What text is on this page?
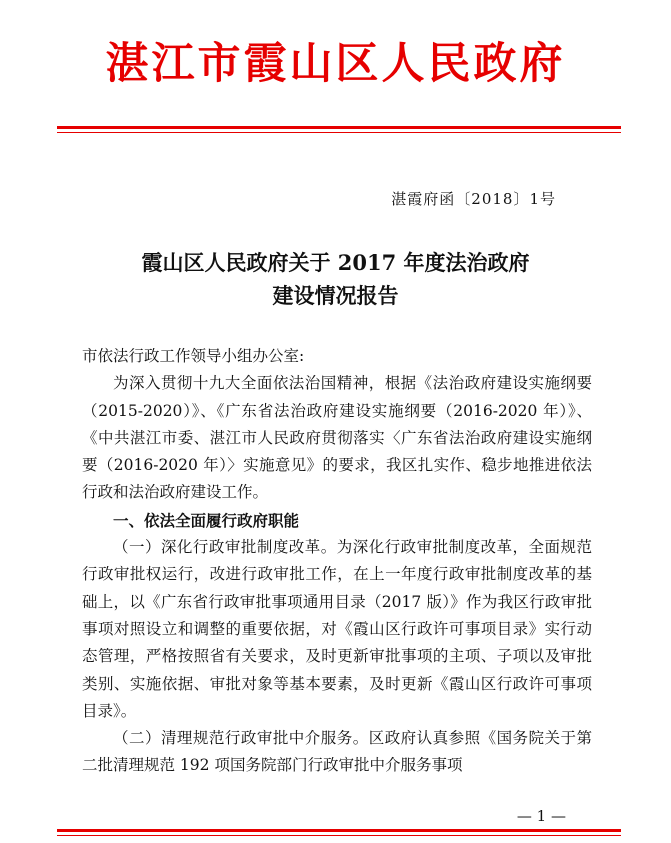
湛江市霞山区人民政府
湛霞府函〔2018〕1号
霞山区人民政府关于 2017 年度法治政府
建设情况报告

市依法行政工作领导小组办公室:

为深入贯彻十九大全面依法治国精神，根据《法治政府建设实施纲要（2015-2020）》、《广东省法治政府建设实施纲要（2016-2020 年）》、《中共湛江市委、湛江市人民政府贯彻落实〈广东省法治政府建设实施纲要（2016-2020 年）〉实施意见》的要求，我区扎实作、稳步地推进依法行政和法治政府建设工作。

一、依法全面履行政府职能

（一）深化行政审批制度改革。为深化行政审批制度改革，全面规范行政审批权运行，改进行政审批工作，在上一年度行政审批制度改革的基础上，以《广东省行政审批事项通用目录（2017 版）》作为我区行政审批事项对照设立和调整的重要依据，对《霞山区行政许可事项目录》实行动态管理，严格按照省有关要求，及时更新审批事项的主项、子项以及审批类别、实施依据、审批对象等基本要素，及时更新《霞山区行政许可事项目录》。

（二）清理规范行政审批中介服务。区政府认真参照《国务院关于第二批清理规范 192 项国务院部门行政审批中介服务事项

— 1 —
